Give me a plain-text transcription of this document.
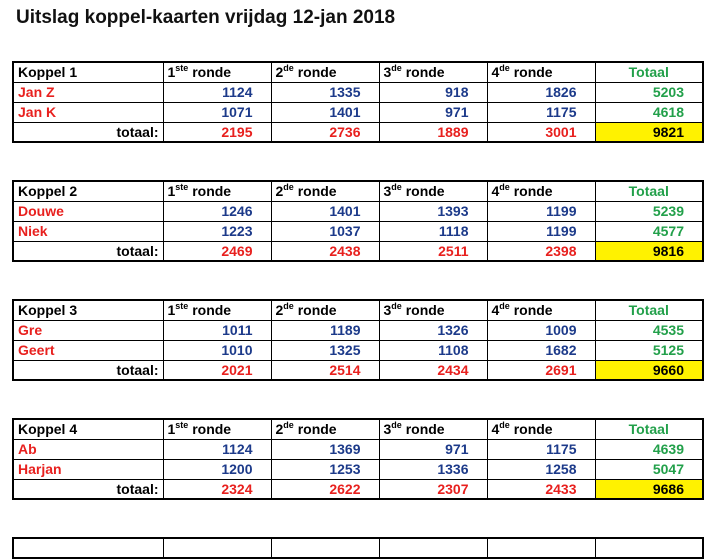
Uitslag koppel-kaarten vrijdag 12-jan 2018
Koppel 1	1ste ronde	2de ronde	3de ronde	4de ronde	Totaal
Jan Z	1124	1335	918	1826	5203
Jan K	1071	1401	971	1175	4618
totaal:	2195	2736	1889	3001	9821
Koppel 2	1ste ronde	2de ronde	3de ronde	4de ronde	Totaal
Douwe	1246	1401	1393	1199	5239
Niek	1223	1037	1118	1199	4577
totaal:	2469	2438	2511	2398	9816
Koppel 3	1ste ronde	2de ronde	3de ronde	4de ronde	Totaal
Gre	1011	1189	1326	1009	4535
Geert	1010	1325	1108	1682	5125
totaal:	2021	2514	2434	2691	9660
Koppel 4	1ste ronde	2de ronde	3de ronde	4de ronde	Totaal
Ab	1124	1369	971	1175	4639
Harjan	1200	1253	1336	1258	5047
totaal:	2324	2622	2307	2433	9686
